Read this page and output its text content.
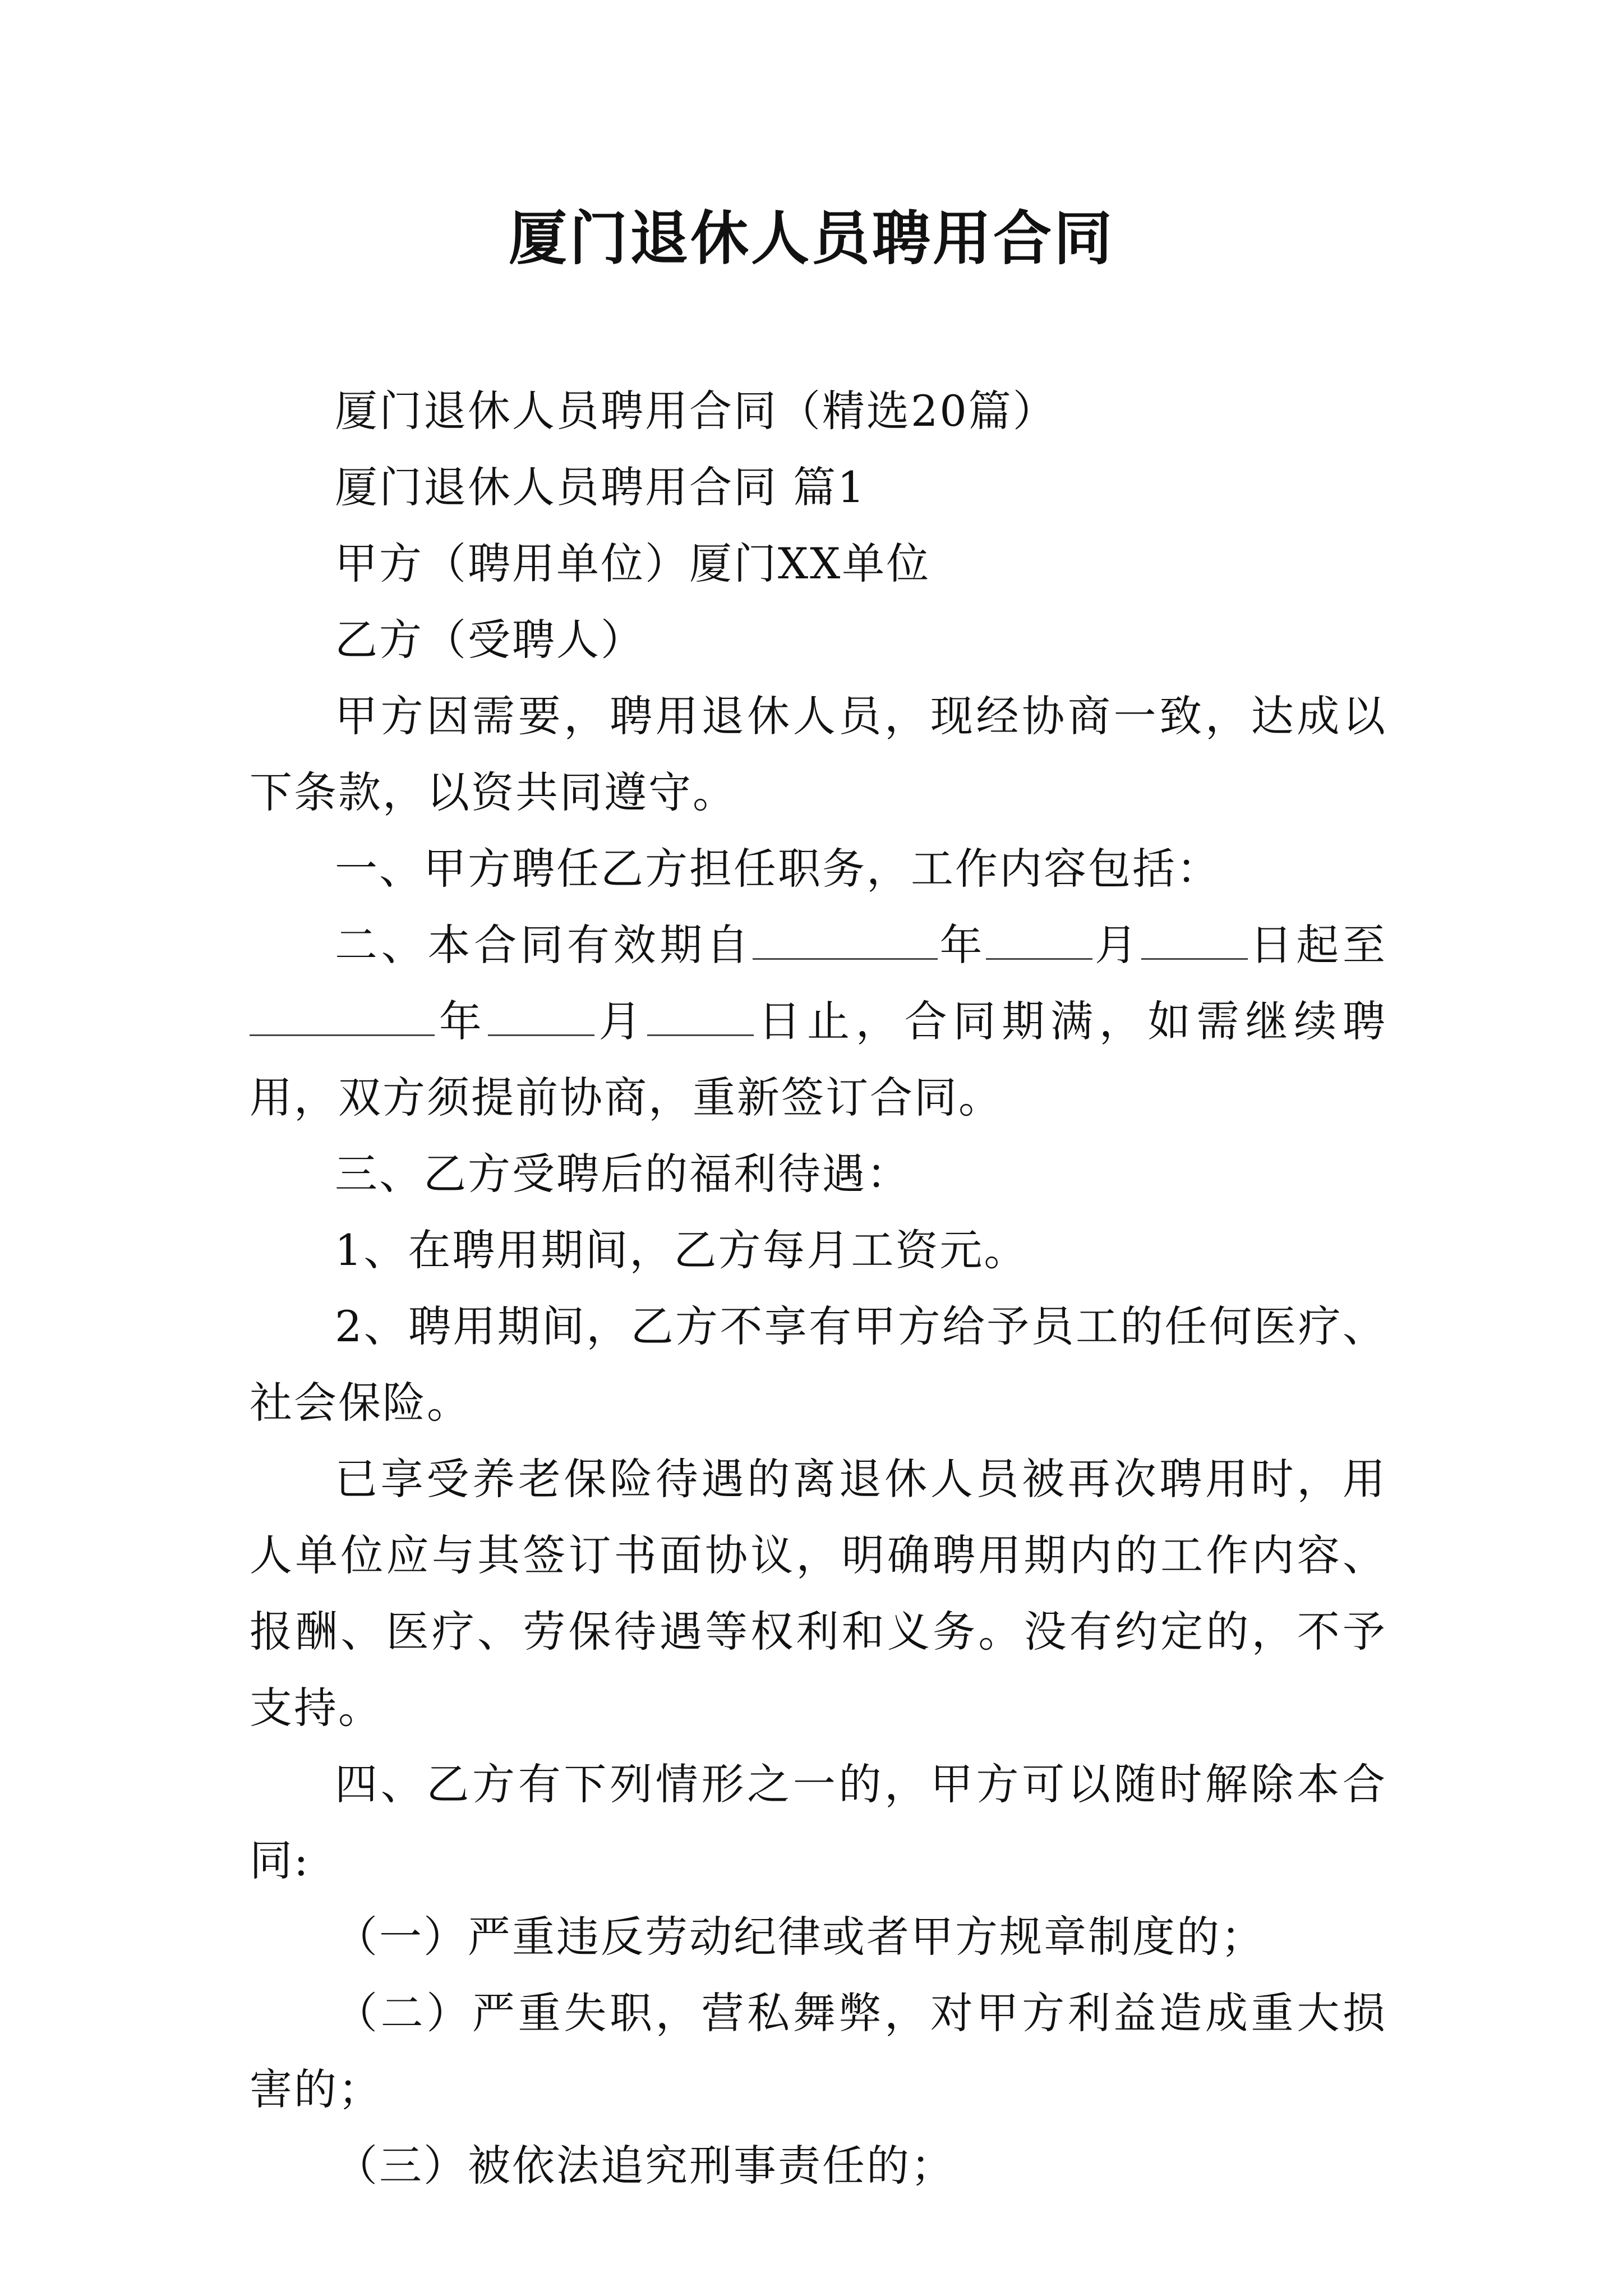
厦门退休人员聘用合同

厦门退休人员聘用合同（精选20篇）

厦门退休人员聘用合同 篇1

甲方（聘用单位）厦门XX单位

乙方（受聘人）

甲方因需要，聘用退休人员，现经协商一致，达成以下条款，以资共同遵守。

一、甲方聘任乙方担任职务，工作内容包括：

二、本合同有效期自	年	月	日起至年	月	日止，合同期满，如需继续聘用，双方须提前协商，重新签订合同。

三、乙方受聘后的福利待遇：

1、在聘用期间，乙方每月工资元。

2、聘用期间，乙方不享有甲方给予员工的任何医疗、社会保险。

已享受养老保险待遇的离退休人员被再次聘用时，用人单位应与其签订书面协议，明确聘用期内的工作内容、报酬、医疗、劳保待遇等权利和义务。没有约定的，不予支持。

四、乙方有下列情形之一的，甲方可以随时解除本合同:

（一）严重违反劳动纪律或者甲方规章制度的；

（二）严重失职，营私舞弊，对甲方利益造成重大损害的；

（三）被依法追究刑事责任的；
